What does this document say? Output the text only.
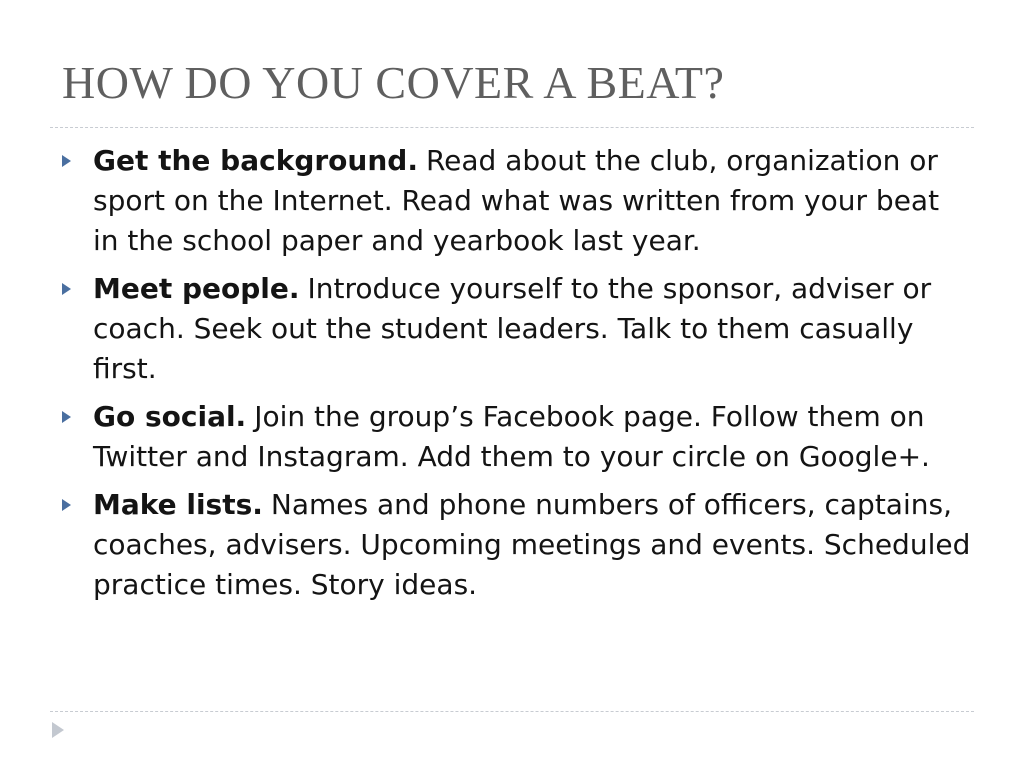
HOW DO YOU COVER A BEAT?
Get the background. Read about the club, organization or sport on the Internet. Read what was written from your beat in the school paper and yearbook last year.
Meet people. Introduce yourself to the sponsor, adviser or coach. Seek out the student leaders. Talk to them casually first.
Go social. Join the group’s Facebook page. Follow them on Twitter and Instagram. Add them to your circle on Google+.
Make lists. Names and phone numbers of officers, captains, coaches, advisers. Upcoming meetings and events. Scheduled practice times. Story ideas.
